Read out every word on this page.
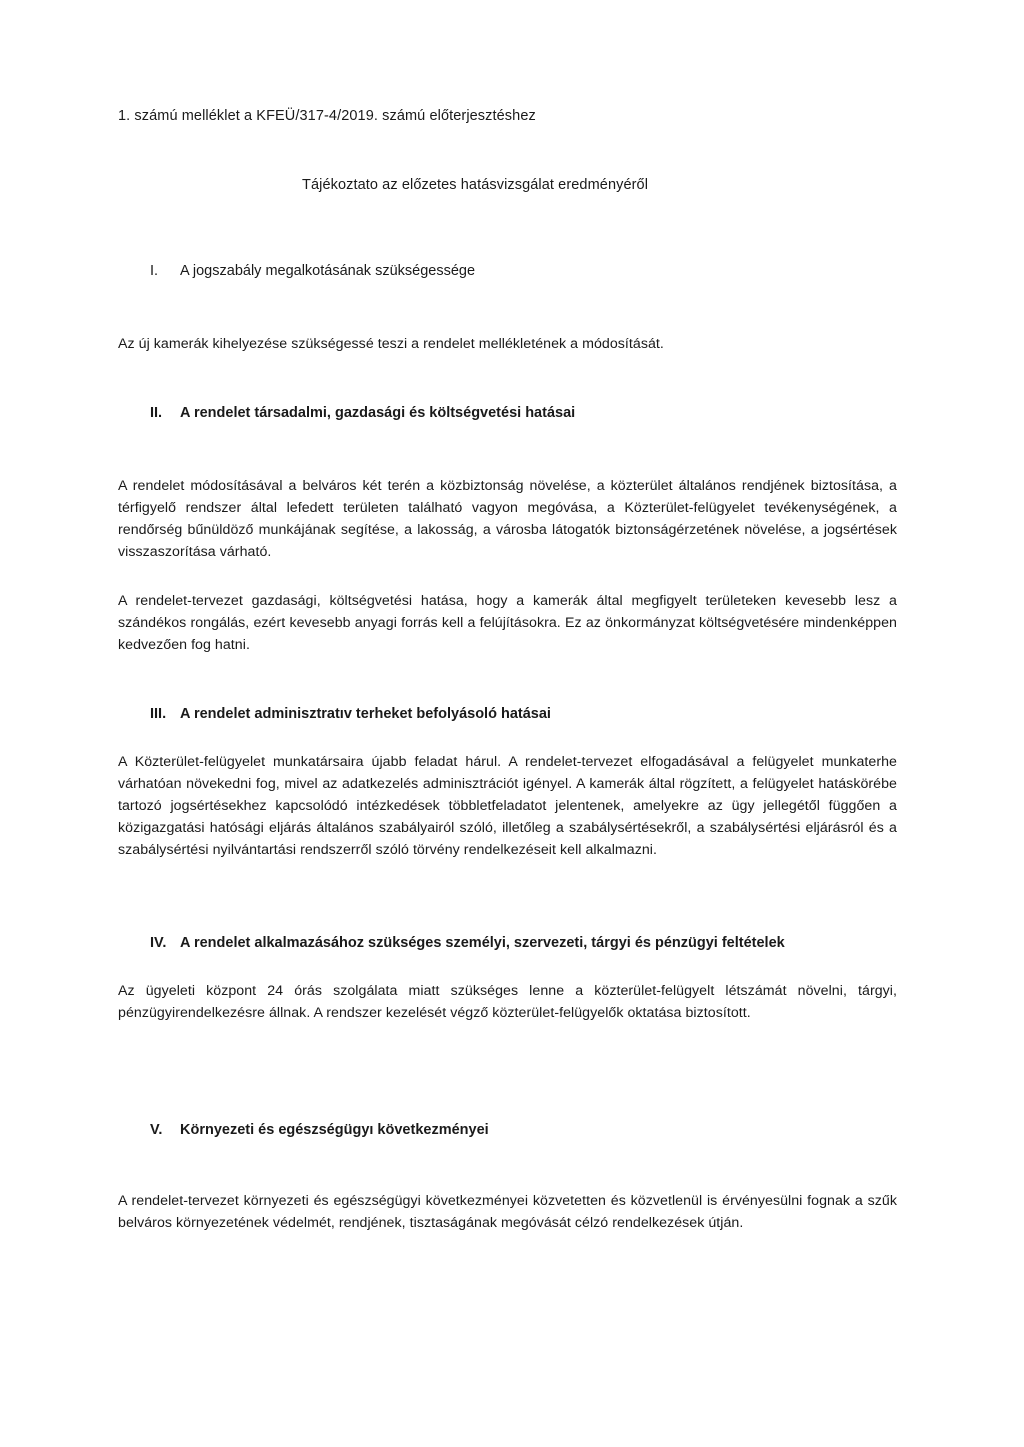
1. számú melléklet a KFEÜ/317-4/2019. számú előterjesztéshez
Tájékoztato az előzetes hatásvizsgálat eredményéről
I.	A jogszabály megalkotásának szükségessége
Az új kamerák kihelyezése szükségessé teszi a rendelet mellékletének a módosítását.
II.	A rendelet társadalmi, gazdasági és költségvetési hatásai
A rendelet módosításával a belváros két terén a közbiztonság növelése, a közterület általános rendjének biztosítása, a térfigyelő rendszer által lefedett területen található vagyon megóvása, a Közterület-felügyelet tevékenységének, a rendőrség bűnüldöző munkájának segítése, a lakosság, a városba látogatók biztonságérzetének növelése, a jogsértések visszaszorítása várható.
A rendelet-tervezet gazdasági, költségvetési hatása, hogy a kamerák által megfigyelt területeken kevesebb lesz a szándékos rongálás, ezért kevesebb anyagi forrás kell a felújításokra. Ez az önkormányzat költségvetésére mindenképpen kedvezően fog hatni.
III. A rendelet adminisztratıv terheket befolyásoló hatásai
A Közterület-felügyelet munkatársaira újabb feladat hárul. A rendelet-tervezet elfogadásával a felügyelet munkaterhe várhatóan növekedni fog, mivel az adatkezelés adminisztrációt igényel. A kamerák által rögzített, a felügyelet hatáskörébe tartozó jogsértésekhez kapcsolódó intézkedések többletfeladatot jelentenek, amelyekre az ügy jellegétől függően a közigazgatási hatósági eljárás általános szabályairól szóló, illetőleg a szabálysértésekről, a szabálysértési eljárásról és a szabálysértési nyilvántartási rendszerről szóló törvény rendelkezéseit kell alkalmazni.
IV. A rendelet alkalmazásához szükséges személyi, szervezeti, tárgyi és pénzügyi feltételek
Az ügyeleti központ 24 órás szolgálata miatt szükséges lenne a közterület-felügyelt létszámát növelni, tárgyi, pénzügyirendelkezésre állnak. A rendszer kezelését végző közterület-felügyelők oktatása biztosított.
V.	Környezeti és egészségügyı következményei
A rendelet-tervezet környezeti és egészségügyi következményei közvetetten és közvetlenül is érvényesülni fognak a szűk belváros környezetének védelmét, rendjének, tisztaságának megóvását célzó rendelkezések útján.
